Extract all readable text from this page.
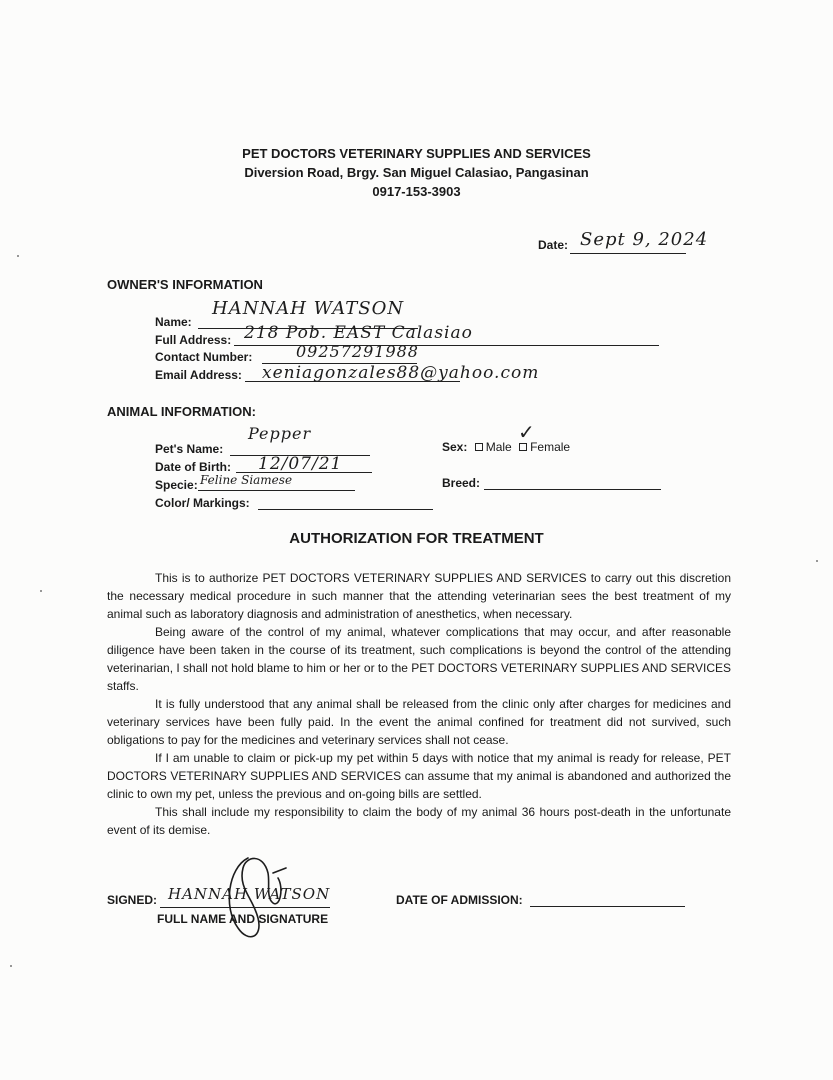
PET DOCTORS VETERINARY SUPPLIES AND SERVICES
Diversion Road, Brgy. San Miguel Calasiao, Pangasinan
0917-153-3903
Date: Sept 9, 2024
OWNER'S INFORMATION
Name:
HANNAH WATSON
Full Address: 218 Pob. EAST Calasiao
Contact Number:	09257291988
Email Address: xeniagonzales88@yahoo.com
ANIMAL INFORMATION:
Pet's Name:
Pepper
Date of Birth: 12/07/21
Specie: Feline Siamese
Color/ Markings:
Sex: Male Female
✓
Breed:
AUTHORIZATION FOR TREATMENT

This is to authorize PET DOCTORS VETERINARY SUPPLIES AND SERVICES to carry out this discretion the necessary medical procedure in such manner that the attending veterinarian sees the best treatment of my animal such as laboratory diagnosis and administration of anesthetics, when necessary.

Being aware of the control of my animal, whatever complications that may occur, and after reasonable diligence have been taken in the course of its treatment, such complications is beyond the control of the attending veterinarian, I shall not hold blame to him or her or to the PET DOCTORS VETERINARY SUPPLIES AND SERVICES staffs.

It is fully understood that any animal shall be released from the clinic only after charges for medicines and veterinary services have been fully paid. In the event the animal confined for treatment did not survived, such obligations to pay for the medicines and veterinary services shall not cease.

If I am unable to claim or pick-up my pet within 5 days with notice that my animal is ready for release, PET DOCTORS VETERINARY SUPPLIES AND SERVICES can assume that my animal is abandoned and authorized the clinic to own my pet, unless the previous and on-going bills are settled.

This shall include my responsibility to claim the body of my animal 36 hours post-death in the unfortunate event of its demise.

SIGNED: HANNAH WATSON
FULL NAME AND SIGNATURE
DATE OF ADMISSION:
